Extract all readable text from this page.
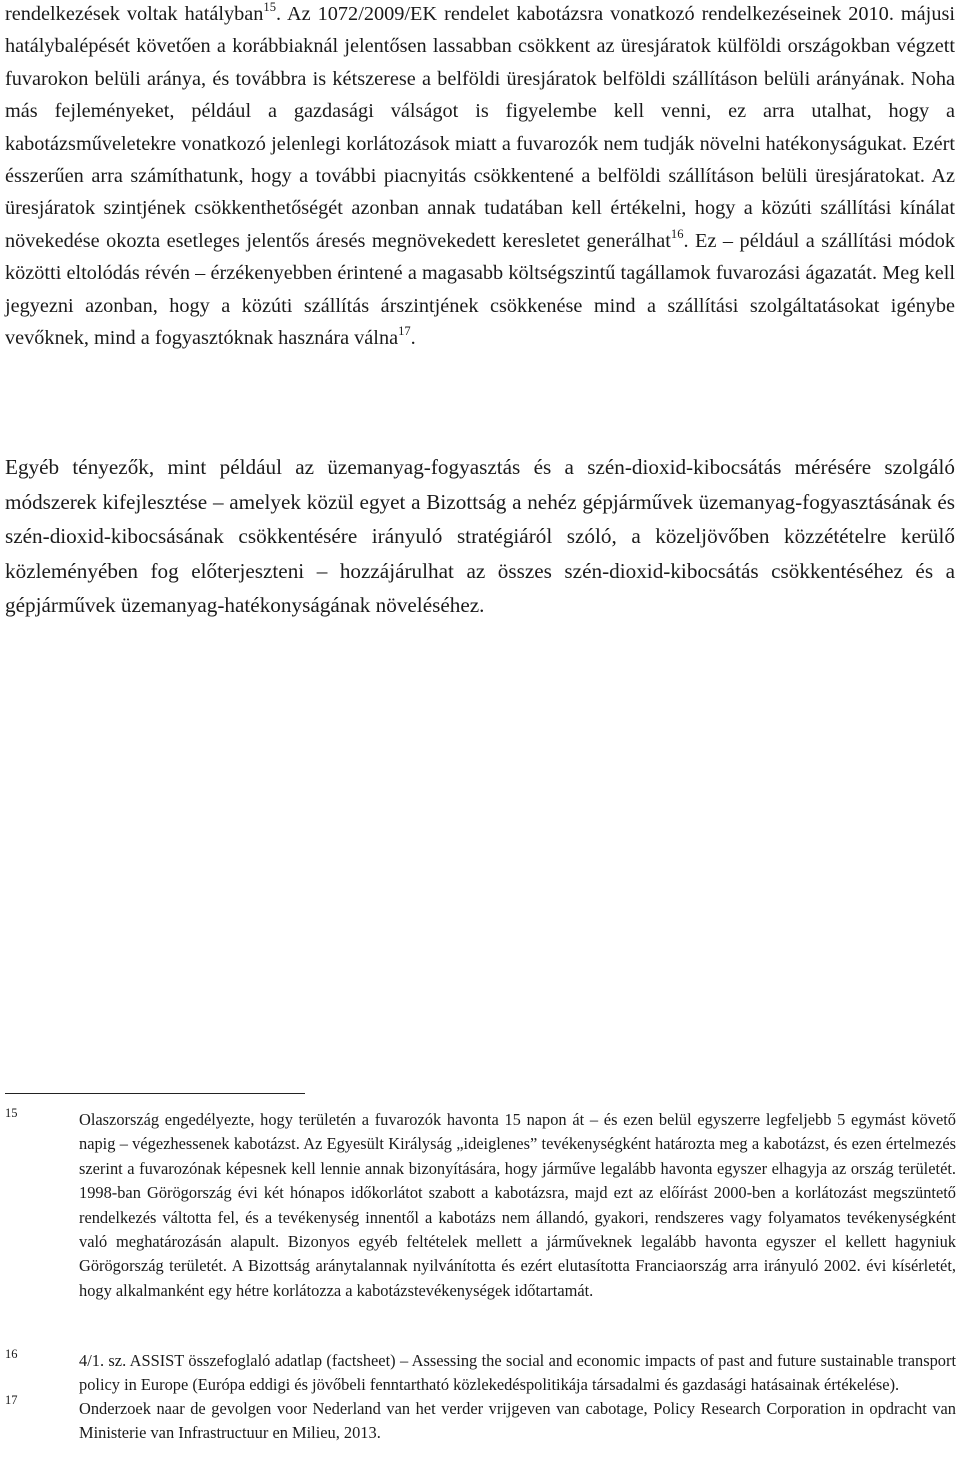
rendelkezések voltak hatályban$^{15}$. Az 1072/2009/EK rendelet kabotázsra vonatkozó rendelkezéseinek 2010. májusi hatálybalépését követően a korábbiaknál jelentősen lassabban csökkent az üresjáratok külföldi országokban végzett fuvarokon belüli aránya, és továbbra is kétszerese a belföldi üresjáratok belföldi szállításon belüli arányának. Noha más fejleményeket, például a gazdasági válságot is figyelembe kell venni, ez arra utalhat, hogy a kabotázsműveletekre vonatkozó jelenlegi korlátozások miatt a fuvarozók nem tudják növelni hatékonyságukat. Ezért ésszerűen arra számíthatunk, hogy a további piacnyitás csökkentené a belföldi szállításon belüli üresjáratokat. Az üresjáratok szintjének csökkenthetőségét azonban annak tudatában kell értékelni, hogy a közúti szállítási kínálat növekedése okozta esetleges jelentős áresés megnövekedett keresletet generálhat$^{16}$. Ez – például a szállítási módok közötti eltolódás révén – érzékenyebben érintené a magasabb költségszintű tagállamok fuvarozási ágazatát. Meg kell jegyezni azonban, hogy a közúti szállítás árszintjének csökkenése mind a szállítási szolgáltatásokat igénybe vevőknek, mind a fogyasztóknak hasznára válna$^{17}$.

Egyéb tényezők, mint például az üzemanyag-fogyasztás és a szén-dioxid-kibocsátás mérésére szolgáló módszerek kifejlesztése – amelyek közül egyet a Bizottság a nehéz gépjárművek üzemanyag-fogyasztásának és szén-dioxid-kibocsásának csökkentésére irányuló stratégiáról szóló, a közeljövőben közzétételre kerülő közleményében fog előterjeszteni – hozzájárulhat az összes szén-dioxid-kibocsátás csökkentéséhez és a gépjárművek üzemanyag-hatékonyságának növeléséhez.

15	Olaszország engedélyezte, hogy területén a fuvarozók havonta 15 napon át – és ezen belül egyszerre legfeljebb 5 egymást követő napig – végezhessenek kabotázst. Az Egyesült Királyság „ideiglenes” tevékenységként határozta meg a kabotázst, és ezen értelmezés szerint a fuvarozónak képesnek kell lennie annak bizonyítására, hogy járműve legalább havonta egyszer elhagyja az ország területét. 1998-ban Görögország évi két hónapos időkorlátot szabott a kabotázsra, majd ezt az előírást 2000-ben a korlátozást megszüntető rendelkezés váltotta fel, és a tevékenység innentől a kabotázs nem állandó, gyakori, rendszeres vagy folyamatos tevékenységként való meghatározásán alapult. Bizonyos egyéb feltételek mellett a járműveknek legalább havonta egyszer el kellett hagyniuk Görögország területét. A Bizottság aránytalannak nyilvánította és ezért elutasította Franciaország arra irányuló 2002. évi kísérletét, hogy alkalmanként egy hétre korlátozza a kabotázstevékenységek időtartamát.

16	4/1. sz. ASSIST összefoglaló adatlap (factsheet) – Assessing the social and economic impacts of past and future sustainable transport policy in Europe (Európa eddigi és jövőbeli fenntartható közlekedéspolitikája társadalmi és gazdasági hatásainak értékelése).

17	Onderzoek naar de gevolgen voor Nederland van het verder vrijgeven van cabotage, Policy Research Corporation in opdracht van Ministerie van Infrastructuur en Milieu, 2013.
